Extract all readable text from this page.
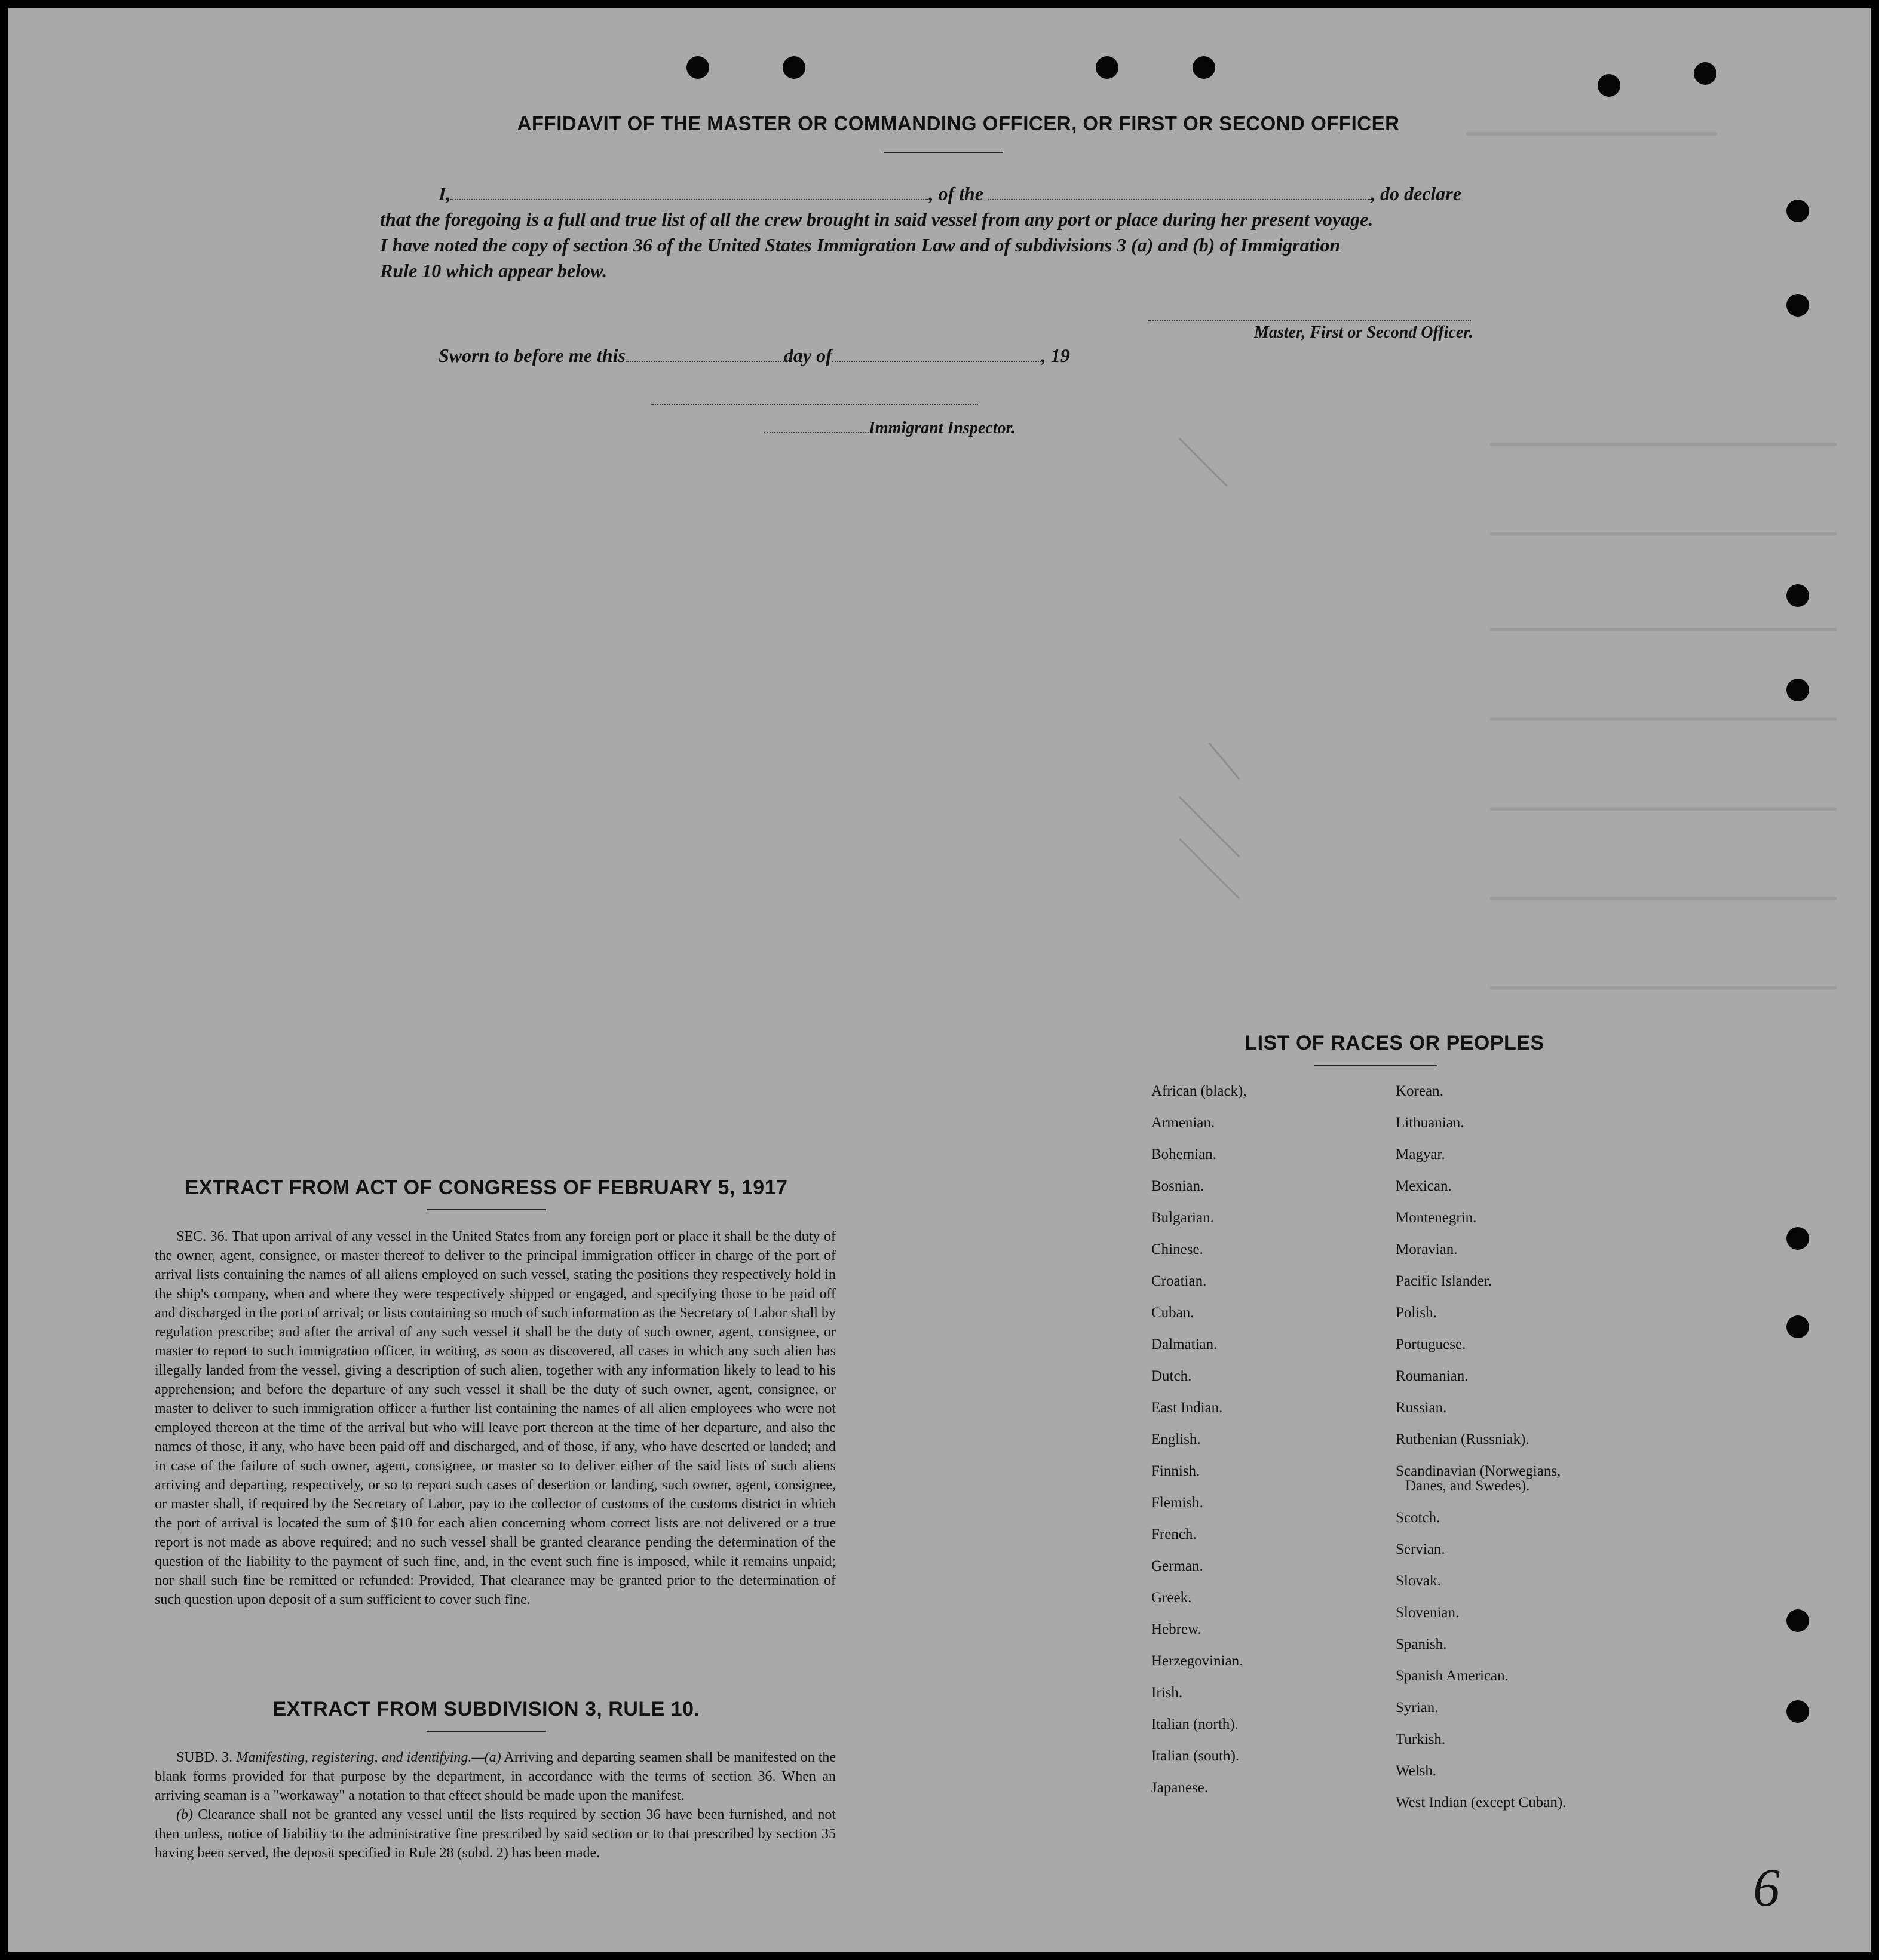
AFFIDAVIT OF THE MASTER OR COMMANDING OFFICER, OR FIRST OR SECOND OFFICER
I,	, of the	, do declare
that the foregoing is a full and true list of all the crew brought in said vessel from any port or place during her present voyage.
I have noted the copy of section 36 of the United States Immigration Law and of subdivisions 3 (a) and (b) of Immigration
Rule 10 which appear below.
Master, First or Second Officer.
Sworn to before me this	day of	, 19
Immigrant Inspector.
EXTRACT FROM ACT OF CONGRESS OF FEBRUARY 5, 1917

SEC. 36. That upon arrival of any vessel in the United States from any foreign port or place it shall be the duty of the owner, agent, consignee, or master thereof to deliver to the principal immigration officer in charge of the port of arrival lists containing the names of all aliens employed on such vessel, stating the positions they respectively hold in the ship's company, when and where they were respectively shipped or engaged, and specifying those to be paid off and discharged in the port of arrival; or lists containing so much of such information as the Secretary of Labor shall by regulation prescribe; and after the arrival of any such vessel it shall be the duty of such owner, agent, consignee, or master to report to such immigration officer, in writing, as soon as discovered, all cases in which any such alien has illegally landed from the vessel, giving a description of such alien, together with any information likely to lead to his apprehension; and before the departure of any such vessel it shall be the duty of such owner, agent, consignee, or master to deliver to such immigration officer a further list containing the names of all alien employees who were not employed thereon at the time of the arrival but who will leave port thereon at the time of her departure, and also the names of those, if any, who have been paid off and discharged, and of those, if any, who have deserted or landed; and in case of the failure of such owner, agent, consignee, or master so to deliver either of the said lists of such aliens arriving and departing, respectively, or so to report such cases of desertion or landing, such owner, agent, consignee, or master shall, if required by the Secretary of Labor, pay to the collector of customs of the customs district in which the port of arrival is located the sum of $10 for each alien concerning whom correct lists are not delivered or a true report is not made as above required; and no such vessel shall be granted clearance pending the determination of the question of the liability to the payment of such fine, and, in the event such fine is imposed, while it remains unpaid; nor shall such fine be remitted or refunded: Provided, That clearance may be granted prior to the determination of such question upon deposit of a sum sufficient to cover such fine.

EXTRACT FROM SUBDIVISION 3, RULE 10.

SUBD. 3. Manifesting, registering, and identifying.—(a) Arriving and departing seamen shall be manifested on the blank forms provided for that purpose by the department, in accordance with the terms of section 36. When an arriving seaman is a "workaway" a notation to that effect should be made upon the manifest.

(b) Clearance shall not be granted any vessel until the lists required by section 36 have been furnished, and not then unless, notice of liability to the administrative fine prescribed by said section or to that prescribed by section 35 having been served, the deposit specified in Rule 28 (subd. 2) has been made.

LIST OF RACES OR PEOPLES
African (black),
Armenian.
Bohemian.
Bosnian.
Bulgarian.
Chinese.
Croatian.
Cuban.
Dalmatian.
Dutch.
East Indian.
English.
Finnish.
Flemish.
French.
German.
Greek.
Hebrew.
Herzegovinian.
Irish.
Italian (north).
Italian (south).
Japanese.
Korean.
Lithuanian.
Magyar.
Mexican.
Montenegrin.
Moravian.
Pacific Islander.
Polish.
Portuguese.
Roumanian.
Russian.
Ruthenian (Russniak).
Scandinavian (Norwegians,
Danes, and Swedes).
Scotch.
Servian.
Slovak.
Slovenian.
Spanish.
Spanish American.
Syrian.
Turkish.
Welsh.
West Indian (except Cuban).
6
